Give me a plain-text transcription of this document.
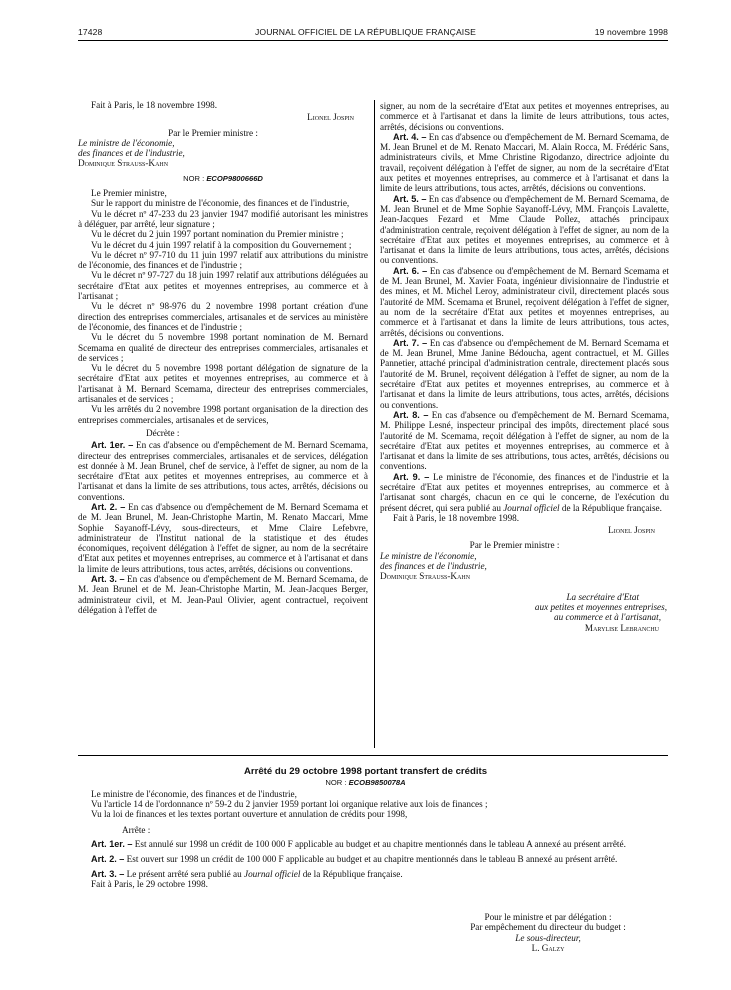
17428	JOURNAL OFFICIEL DE LA RÉPUBLIQUE FRANÇAISE	19 novembre 1998

Fait à Paris, le 18 novembre 1998.

Lionel Jospin

Par le Premier ministre :

Le ministre de l'économie,
des finances et de l'industrie,
Dominique Strauss-Kahn
NOR : ECOP9800666D

Le Premier ministre,

Sur le rapport du ministre de l'économie, des finances et de l'industrie,

Vu le décret nº 47-233 du 23 janvier 1947 modifié autorisant les ministres à déléguer, par arrêté, leur signature ;

Vu le décret du 2 juin 1997 portant nomination du Premier ministre ;

Vu le décret du 4 juin 1997 relatif à la composition du Gouvernement ;

Vu le décret nº 97-710 du 11 juin 1997 relatif aux attributions du ministre de l'économie, des finances et de l'industrie ;

Vu le décret nº 97-727 du 18 juin 1997 relatif aux attributions déléguées au secrétaire d'Etat aux petites et moyennes entreprises, au commerce et à l'artisanat ;

Vu le décret nº 98-976 du 2 novembre 1998 portant création d'une direction des entreprises commerciales, artisanales et de services au ministère de l'économie, des finances et de l'industrie ;

Vu le décret du 5 novembre 1998 portant nomination de M. Bernard Scemama en qualité de directeur des entreprises commerciales, artisanales et de services ;

Vu le décret du 5 novembre 1998 portant délégation de signature de la secrétaire d'Etat aux petites et moyennes entreprises, au commerce et à l'artisanat à M. Bernard Scemama, directeur des entreprises commerciales, artisanales et de services ;

Vu les arrêtés du 2 novembre 1998 portant organisation de la direction des entreprises commerciales, artisanales et de services,

Décrète :

Art. 1er. – En cas d'absence ou d'empêchement de M. Bernard Scemama, directeur des entreprises commerciales, artisanales et de services, délégation est donnée à M. Jean Brunel, chef de service, à l'effet de signer, au nom de la secrétaire d'Etat aux petites et moyennes entreprises, au commerce et à l'artisanat et dans la limite de ses attributions, tous actes, arrêtés, décisions ou conventions.

Art. 2. – En cas d'absence ou d'empêchement de M. Bernard Scemama et de M. Jean Brunel, M. Jean-Christophe Martin, M. Renato Maccari, Mme Sophie Sayanoff-Lévy, sous-directeurs, et Mme Claire Lefebvre, administrateur de l'Institut national de la statistique et des études économiques, reçoivent délégation à l'effet de signer, au nom de la secrétaire d'Etat aux petites et moyennes entreprises, au commerce et à l'artisanat et dans la limite de leurs attributions, tous actes, arrêtés, décisions ou conventions.

Art. 3. – En cas d'absence ou d'empêchement de M. Bernard Scemama, de M. Jean Brunel et de M. Jean-Christophe Martin, M. Jean-Jacques Berger, administrateur civil, et M. Jean-Paul Olivier, agent contractuel, reçoivent délégation à l'effet de

signer, au nom de la secrétaire d'Etat aux petites et moyennes entreprises, au commerce et à l'artisanat et dans la limite de leurs attributions, tous actes, arrêtés, décisions ou conventions.

Art. 4. – En cas d'absence ou d'empêchement de M. Bernard Scemama, de M. Jean Brunel et de M. Renato Maccari, M. Alain Rocca, M. Frédéric Sans, administrateurs civils, et Mme Christine Rigodanzo, directrice adjointe du travail, reçoivent délégation à l'effet de signer, au nom de la secrétaire d'Etat aux petites et moyennes entreprises, au commerce et à l'artisanat et dans la limite de leurs attributions, tous actes, arrêtés, décisions ou conventions.

Art. 5. – En cas d'absence ou d'empêchement de M. Bernard Scemama, de M. Jean Brunel et de Mme Sophie Sayanoff-Lévy, MM. François Lavalette, Jean-Jacques Fezard et Mme Claude Pollez, attachés principaux d'administration centrale, reçoivent délégation à l'effet de signer, au nom de la secrétaire d'Etat aux petites et moyennes entreprises, au commerce et à l'artisanat et dans la limite de leurs attributions, tous actes, arrêtés, décisions ou conventions.

Art. 6. – En cas d'absence ou d'empêchement de M. Bernard Scemama et de M. Jean Brunel, M. Xavier Foata, ingénieur divisionnaire de l'industrie et des mines, et M. Michel Leroy, administrateur civil, directement placés sous l'autorité de MM. Scemama et Brunel, reçoivent délégation à l'effet de signer, au nom de la secrétaire d'Etat aux petites et moyennes entreprises, au commerce et à l'artisanat et dans la limite de leurs attributions, tous actes, arrêtés, décisions ou conventions.

Art. 7. – En cas d'absence ou d'empêchement de M. Bernard Scemama et de M. Jean Brunel, Mme Janine Bédoucha, agent contractuel, et M. Gilles Pannetier, attaché principal d'administration centrale, directement placés sous l'autorité de M. Brunel, reçoivent délégation à l'effet de signer, au nom de la secrétaire d'Etat aux petites et moyennes entreprises, au commerce et à l'artisanat et dans la limite de leurs attributions, tous actes, arrêtés, décisions ou conventions.

Art. 8. – En cas d'absence ou d'empêchement de M. Bernard Scemama, M. Philippe Lesné, inspecteur principal des impôts, directement placé sous l'autorité de M. Scemama, reçoit délégation à l'effet de signer, au nom de la secrétaire d'Etat aux petites et moyennes entreprises, au commerce et à l'artisanat et dans la limite de ses attributions, tous actes, arrêtés, décisions ou conventions.

Art. 9. – Le ministre de l'économie, des finances et de l'industrie et la secrétaire d'Etat aux petites et moyennes entreprises, au commerce et à l'artisanat sont chargés, chacun en ce qui le concerne, de l'exécution du présent décret, qui sera publié au Journal officiel de la République française.

Fait à Paris, le 18 novembre 1998.

Lionel Jospin

Par le Premier ministre :

Le ministre de l'économie,
des finances et de l'industrie,
Dominique Strauss-Kahn
La secrétaire d'Etat
aux petites et moyennes entreprises,
au commerce et à l'artisanat,
Marylise Lebranchu
Arrêté du 29 octobre 1998 portant transfert de crédits
NOR : ECOB9850078A

Le ministre de l'économie, des finances et de l'industrie,

Vu l'article 14 de l'ordonnance nº 59-2 du 2 janvier 1959 portant loi organique relative aux lois de finances ;

Vu la loi de finances et les textes portant ouverture et annulation de crédits pour 1998,

Arrête :

Art. 1er. – Est annulé sur 1998 un crédit de 100 000 F applicable au budget et au chapitre mentionnés dans le tableau A annexé au présent arrêté.

Art. 2. – Est ouvert sur 1998 un crédit de 100 000 F applicable au budget et au chapitre mentionnés dans le tableau B annexé au présent arrêté.

Art. 3. – Le présent arrêté sera publié au Journal officiel de la République française.

Fait à Paris, le 29 octobre 1998.

Pour le ministre et par délégation :
Par empêchement du directeur du budget :
Le sous-directeur,
L. Galzy
